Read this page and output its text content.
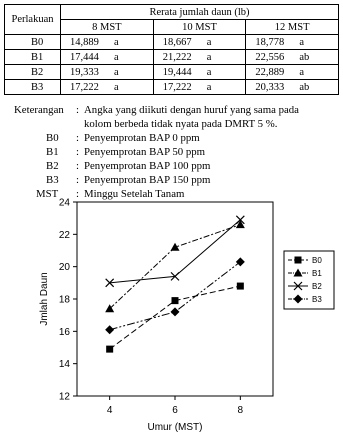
Perlakuan	Rerata jumlah daun (lb)		
	8 MST	10 MST	12 MST
B0	14,889 a	18,667 a	18,778 a
B1	17,444 a	21,222 a	22,556 ab
B2	19,333 a	19,444 a	22,889 a
B3	17,222 a	17,222 a	20,333 ab
Keterangan	: Angka yang diikuti dengan huruf yang sama pada
kolom berbeda tidak nyata pada DMRT 5 %.
B0	: Penyemprotan BAP 0 ppm
B1	: Penyemprotan BAP 50 ppm
B2	: Penyemprotan BAP 100 ppm
B3	: Penyemprotan BAP 150 ppm
MST	: Minggu Setelah Tanam
12
14
16
18
20
22
24
4	6	8
Umur (MST)
Jmlah Daun
B0
B1
B2
B3
